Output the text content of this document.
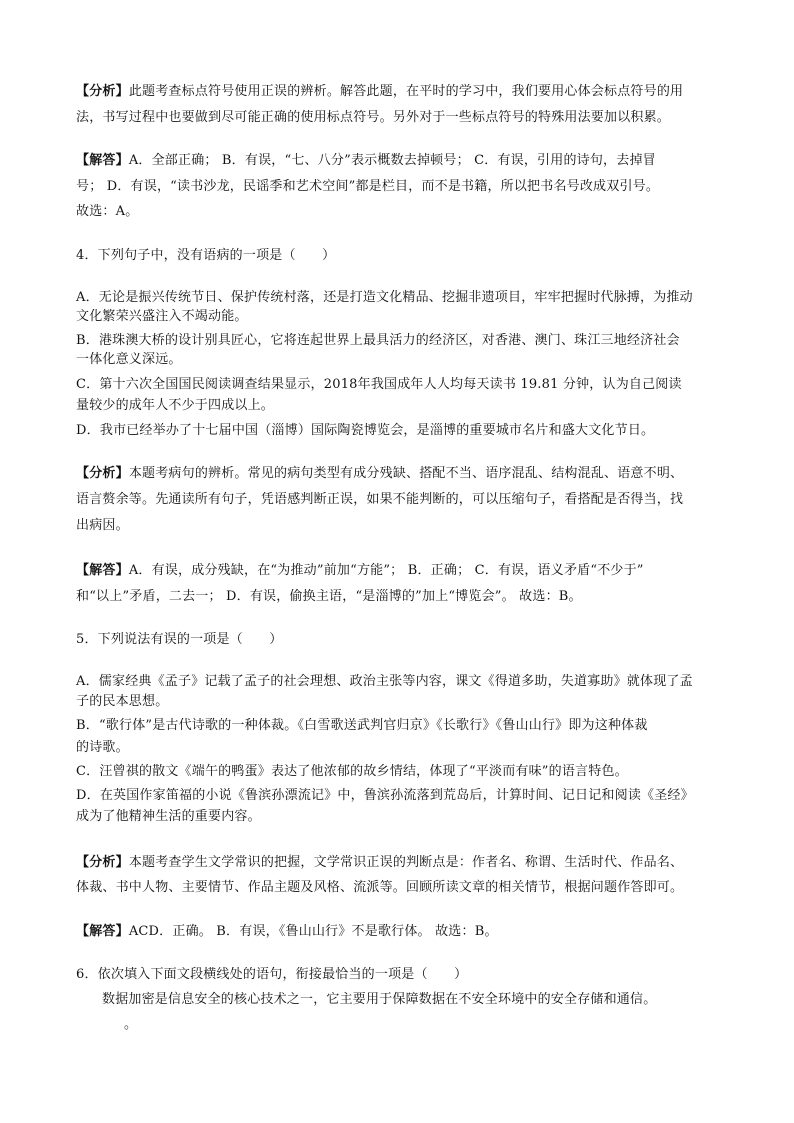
【分析】此题考查标点符号使用正误的辨析。解答此题，在平时的学习中，我们要用心体会标点符号的用
法，书写过程中也要做到尽可能正确的使用标点符号。另外对于一些标点符号的特殊用法要加以积累。
【解答】A．全部正确； B．有误，“七、八分”表示概数去掉顿号； C．有误，引用的诗句，去掉冒
号； D．有误，“读书沙龙，民谣季和艺术空间”都是栏目，而不是书籍，所以把书名号改成双引号。
故选：A。
4．下列句子中，没有语病的一项是（　　）
A．无论是振兴传统节日、保护传统村落，还是打造文化精品、挖掘非遗项目，牢牢把握时代脉搏，为推动
文化繁荣兴盛注入不竭动能。
B．港珠澳大桥的设计别具匠心，它将连起世界上最具活力的经济区，对香港、澳门、珠江三地经济社会
一体化意义深远。
C．第十六次全国国民阅读调查结果显示，2018年我国成年人人均每天读书 19.81 分钟，认为自己阅读
量较少的成年人不少于四成以上。
D．我市已经举办了十七届中国（淄博）国际陶瓷博览会，是淄博的重要城市名片和盛大文化节日。
【分析】本题考病句的辨析。常见的病句类型有成分残缺、搭配不当、语序混乱、结构混乱、语意不明、
语言赘余等。先通读所有句子，凭语感判断正误，如果不能判断的，可以压缩句子，看搭配是否得当，找
出病因。
【解答】A．有误，成分残缺，在“为推动”前加“方能”； B．正确； C．有误，语义矛盾“不少于”
和“以上”矛盾，二去一； D．有误，偷换主语，“是淄博的”加上“博览会”。 故选：B。
5．下列说法有误的一项是（　　）
A．儒家经典《孟子》记载了孟子的社会理想、政治主张等内容，课文《得道多助，失道寡助》就体现了孟
子的民本思想。
B．“歌行体”是古代诗歌的一种体裁。《白雪歌送武判官归京》《长歌行》《鲁山山行》即为这种体裁
的诗歌。
C．汪曾祺的散文《端午的鸭蛋》表达了他浓郁的故乡情结，体现了“平淡而有味”的语言特色。
D．在英国作家笛福的小说《鲁滨孙漂流记》中，鲁滨孙流落到荒岛后，计算时间、记日记和阅读《圣经》
成为了他精神生活的重要内容。
【分析】本题考查学生文学常识的把握，文学常识正误的判断点是：作者名、称谓、生活时代、作品名、
体裁、书中人物、主要情节、作品主题及风格、流派等。回顾所读文章的相关情节，根据问题作答即可。
【解答】ACD．正确。 B．有误，《鲁山山行》不是歌行体。 故选：B。
6．依次填入下面文段横线处的语句，衔接最恰当的一项是（　　）
数据加密是信息安全的核心技术之一，它主要用于保障数据在不安全环境中的安全存储和通信。
。
